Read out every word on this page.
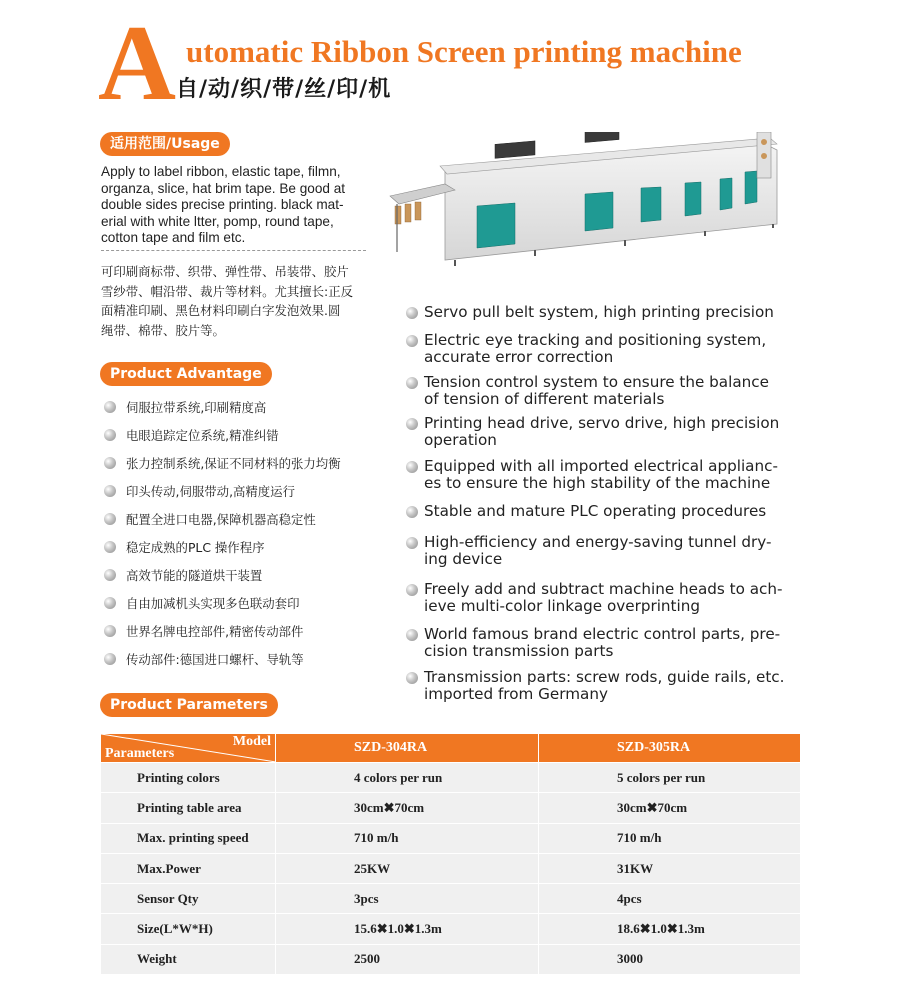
A utomatic Ribbon Screen printing machine
自/动/织/带/丝/印/机
适用范围/Usage
Apply to label ribbon, elastic tape, filmn,
organza, slice, hat brim tape. Be good at
double sides precise printing. black mat-
erial with white ltter, pomp, round tape,
cotton tape and film etc.
可印刷商标带、织带、弹性带、吊装带、胶片
雪纱带、帽沿带、裁片等材料。尤其擅长:正反
面精准印刷、黑色材料印刷白字发泡效果.圆
绳带、棉带、胶片等。
Product Advantage
伺服拉带系统,印刷精度高
电眼追踪定位系统,精准纠错
张力控制系统,保证不同材料的张力均衡
印头传动,伺服带动,高精度运行
配置全进口电器,保障机器高稳定性
稳定成熟的PLC 操作程序
高效节能的隧道烘干装置
自由加减机头实现多色联动套印
世界名牌电控部件,精密传动部件
传动部件:德国进口螺杆、导轨等
Servo pull belt system, high printing precision
Electric eye tracking and positioning system,
accurate error correction
Tension control system to ensure the balance
of tension of different materials
Printing head drive, servo drive, high precision
operation
Equipped with all imported electrical applianc-
es to ensure the high stability of the machine
Stable and mature PLC operating procedures
High-efficiency and energy-saving tunnel dry-
ing device
Freely add and subtract machine heads to ach-
ieve multi-color linkage overprinting
World famous brand electric control parts, pre-
cision transmission parts
Transmission parts: screw rods, guide rails, etc.
imported from Germany
Product Parameters
Model
Parameters	SZD-304RA	SZD-305RA
Printing colors	4 colors per run	5 colors per run
Printing table area	30cm✖70cm	30cm✖70cm
Max. printing speed	710 m/h	710 m/h
Max.Power	25KW	31KW
Sensor Qty	3pcs	4pcs
Size(L*W*H)	15.6✖1.0✖1.3m	18.6✖1.0✖1.3m
Weight	2500	3000
